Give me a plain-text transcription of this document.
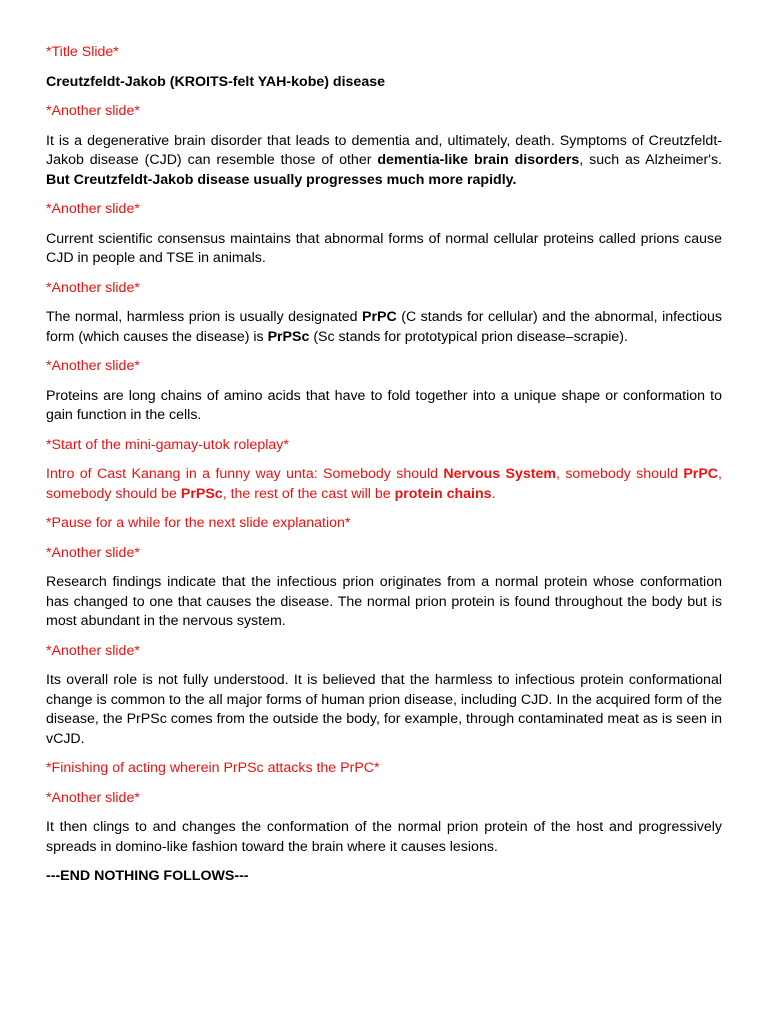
*Title Slide*

Creutzfeldt-Jakob (KROITS-felt YAH-kobe) disease

*Another slide*

It is a degenerative brain disorder that leads to dementia and, ultimately, death. Symptoms of Creutzfeldt-Jakob disease (CJD) can resemble those of other dementia-like brain disorders, such as Alzheimer's. But Creutzfeldt-Jakob disease usually progresses much more rapidly.

*Another slide*

Current scientific consensus maintains that abnormal forms of normal cellular proteins called prions cause CJD in people and TSE in animals.

*Another slide*

The normal, harmless prion is usually designated PrPC (C stands for cellular) and the abnormal, infectious form (which causes the disease) is PrPSc (Sc stands for prototypical prion disease–scrapie).

*Another slide*

Proteins are long chains of amino acids that have to fold together into a unique shape or conformation to gain function in the cells.

*Start of the mini-gamay-utok roleplay*

Intro of Cast Kanang in a funny way unta: Somebody should Nervous System, somebody should PrPC, somebody should be PrPSc, the rest of the cast will be protein chains.

*Pause for a while for the next slide explanation*

*Another slide*

Research findings indicate that the infectious prion originates from a normal protein whose conformation has changed to one that causes the disease. The normal prion protein is found throughout the body but is most abundant in the nervous system.

*Another slide*

Its overall role is not fully understood. It is believed that the harmless to infectious protein conformational change is common to the all major forms of human prion disease, including CJD. In the acquired form of the disease, the PrPSc comes from the outside the body, for example, through contaminated meat as is seen in vCJD.

*Finishing of acting wherein PrPSc attacks the PrPC*

*Another slide*

It then clings to and changes the conformation of the normal prion protein of the host and progressively spreads in domino-like fashion toward the brain where it causes lesions.

---END NOTHING FOLLOWS---
